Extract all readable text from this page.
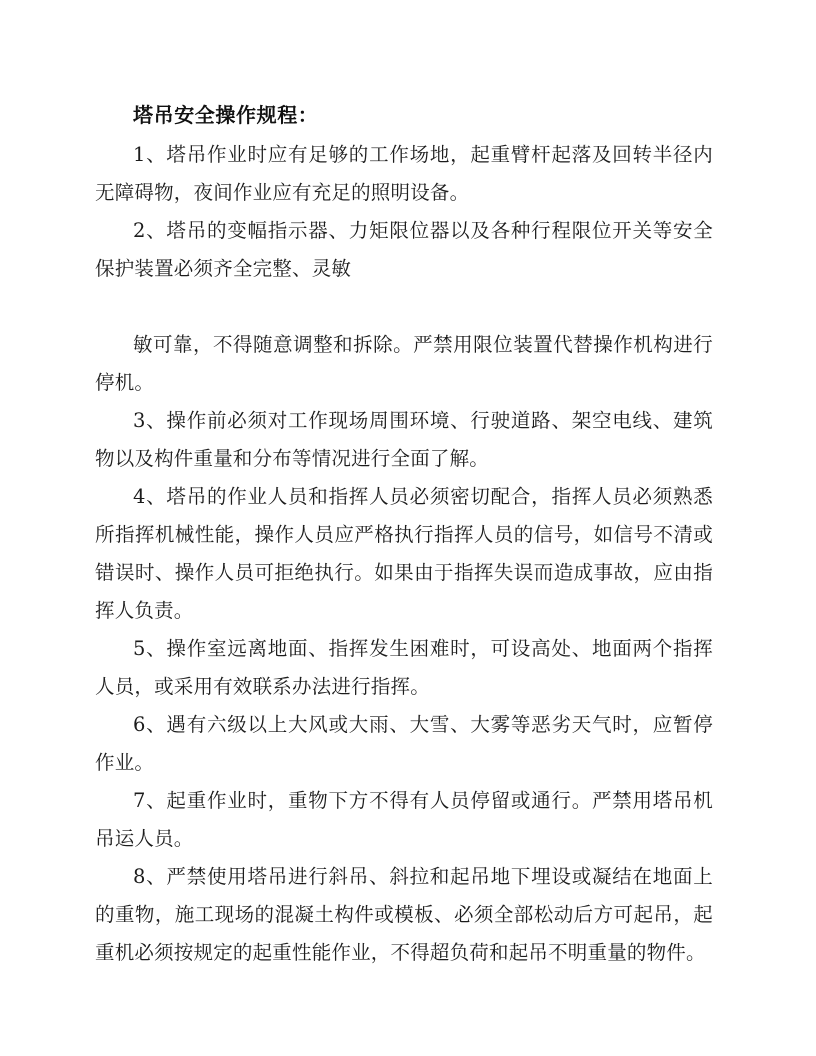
塔吊安全操作规程：

1、塔吊作业时应有足够的工作场地，起重臂杆起落及回转半径内无障碍物，夜间作业应有充足的照明设备。

2、塔吊的变幅指示器、力矩限位器以及各种行程限位开关等安全保护装置必须齐全完整、灵敏

敏可靠，不得随意调整和拆除。严禁用限位装置代替操作机构进行停机。

3、操作前必须对工作现场周围环境、行驶道路、架空电线、建筑物以及构件重量和分布等情况进行全面了解。

4、塔吊的作业人员和指挥人员必须密切配合，指挥人员必须熟悉所指挥机械性能，操作人员应严格执行指挥人员的信号，如信号不清或错误时、操作人员可拒绝执行。如果由于指挥失误而造成事故，应由指挥人负责。

5、操作室远离地面、指挥发生困难时，可设高处、地面两个指挥人员，或采用有效联系办法进行指挥。

6、遇有六级以上大风或大雨、大雪、大雾等恶劣天气时，应暂停作业。

7、起重作业时，重物下方不得有人员停留或通行。严禁用塔吊机吊运人员。

8、严禁使用塔吊进行斜吊、斜拉和起吊地下埋设或凝结在地面上的重物，施工现场的混凝土构件或模板、必须全部松动后方可起吊，起重机必须按规定的起重性能作业，不得超负荷和起吊不明重量的物件。
